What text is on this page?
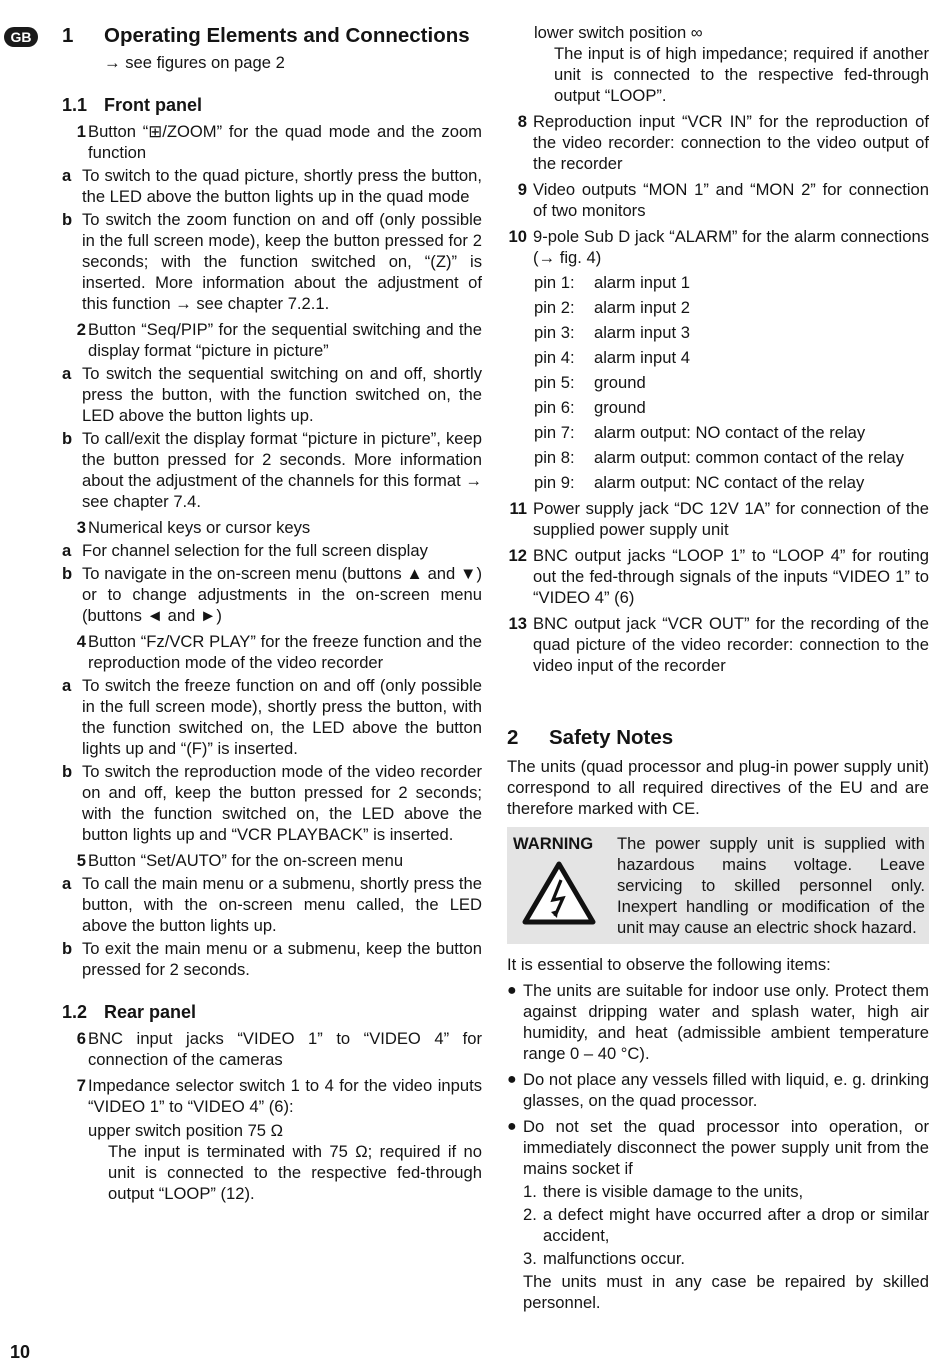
GB
10
1	Operating Elements and Connections
→ see figures on page 2
1.1 Front panel
1 Button “⊞/ZOOM” for the quad mode and the zoom function
a To switch to the quad picture, shortly press the button, the LED above the button lights up in the quad mode
b To switch the zoom function on and off (only possible in the full screen mode), keep the button pressed for 2 seconds; with the function switched on, “(Z)” is inserted. More information about the adjustment of this function → see chapter 7.2.1.
2 Button “Seq/PIP” for the sequential switching and the display format “picture in picture”
a To switch the sequential switching on and off, shortly press the button, with the function switched on, the LED above the button lights up.
b To call/exit the display format “picture in picture”, keep the button pressed for 2 seconds. More information about the adjustment of the channels for this format → see chapter 7.4.
3 Numerical keys or cursor keys
a For channel selection for the full screen display
b To navigate in the on-screen menu (buttons ▲ and ▼) or to change adjustments in the on-screen menu (buttons ◄ and ►)
4 Button “Fz/VCR PLAY” for the freeze function and the reproduction mode of the video recorder
a To switch the freeze function on and off (only possible in the full screen mode), shortly press the button, with the function switched on, the LED above the button lights up and “(F)” is inserted.
b To switch the reproduction mode of the video recorder on and off, keep the button pressed for 2 seconds; with the function switched on, the LED above the button lights up and “VCR PLAYBACK” is inserted.
5 Button “Set/AUTO” for the on-screen menu
a To call the main menu or a submenu, shortly press the button, with the on-screen menu called, the LED above the button lights up.
b To exit the main menu or a submenu, keep the button pressed for 2 seconds.
1.2 Rear panel
6 BNC input jacks “VIDEO 1” to “VIDEO 4” for connection of the cameras
7 Impedance selector switch 1 to 4 for the video inputs “VIDEO 1” to “VIDEO 4” (6):
upper switch position 75 Ω
The input is terminated with 75 Ω; required if no unit is connected to the respective fed-through output “LOOP” (12).
lower switch position ∞
The input is of high impedance; required if another unit is connected to the respective fed-through output “LOOP”.
8 Reproduction input “VCR IN” for the reproduction of the video recorder: connection to the video output of the recorder
9 Video outputs “MON 1” and “MON 2” for connection of two monitors
10 9-pole Sub D jack “ALARM” for the alarm connections (→ fig. 4)
pin 1:	alarm input 1
pin 2:	alarm input 2
pin 3:	alarm input 3
pin 4:	alarm input 4
pin 5:	ground
pin 6:	ground
pin 7:	alarm output: NO contact of the relay
pin 8:	alarm output: common contact of the relay
pin 9:	alarm output: NC contact of the relay
11 Power supply jack “DC 12V 1A” for connection of the supplied power supply unit
12 BNC output jacks “LOOP 1” to “LOOP 4” for routing out the fed-through signals of the inputs “VIDEO 1” to “VIDEO 4” (6)
13 BNC output jack “VCR OUT” for the recording of the quad picture of the video recorder: connection to the video input of the recorder
2	Safety Notes
The units (quad processor and plug-in power supply unit) correspond to all required directives of the EU and are therefore marked with CE.
WARNING	The power supply unit is supplied with hazardous mains voltage. Leave servicing to skilled personnel only. Inexpert handling or modification of the unit may cause an electric shock hazard.
It is essential to observe the following items:
● The units are suitable for indoor use only. Protect them against dripping water and splash water, high air humidity, and heat (admissible ambient temperature range 0 – 40 °C).
● Do not place any vessels filled with liquid, e. g. drinking glasses, on the quad processor.
● Do not set the quad processor into operation, or immediately disconnect the power supply unit from the mains socket if
1. there is visible damage to the units,
2. a defect might have occurred after a drop or similar accident,
3. malfunctions occur.
The units must in any case be repaired by skilled personnel.
